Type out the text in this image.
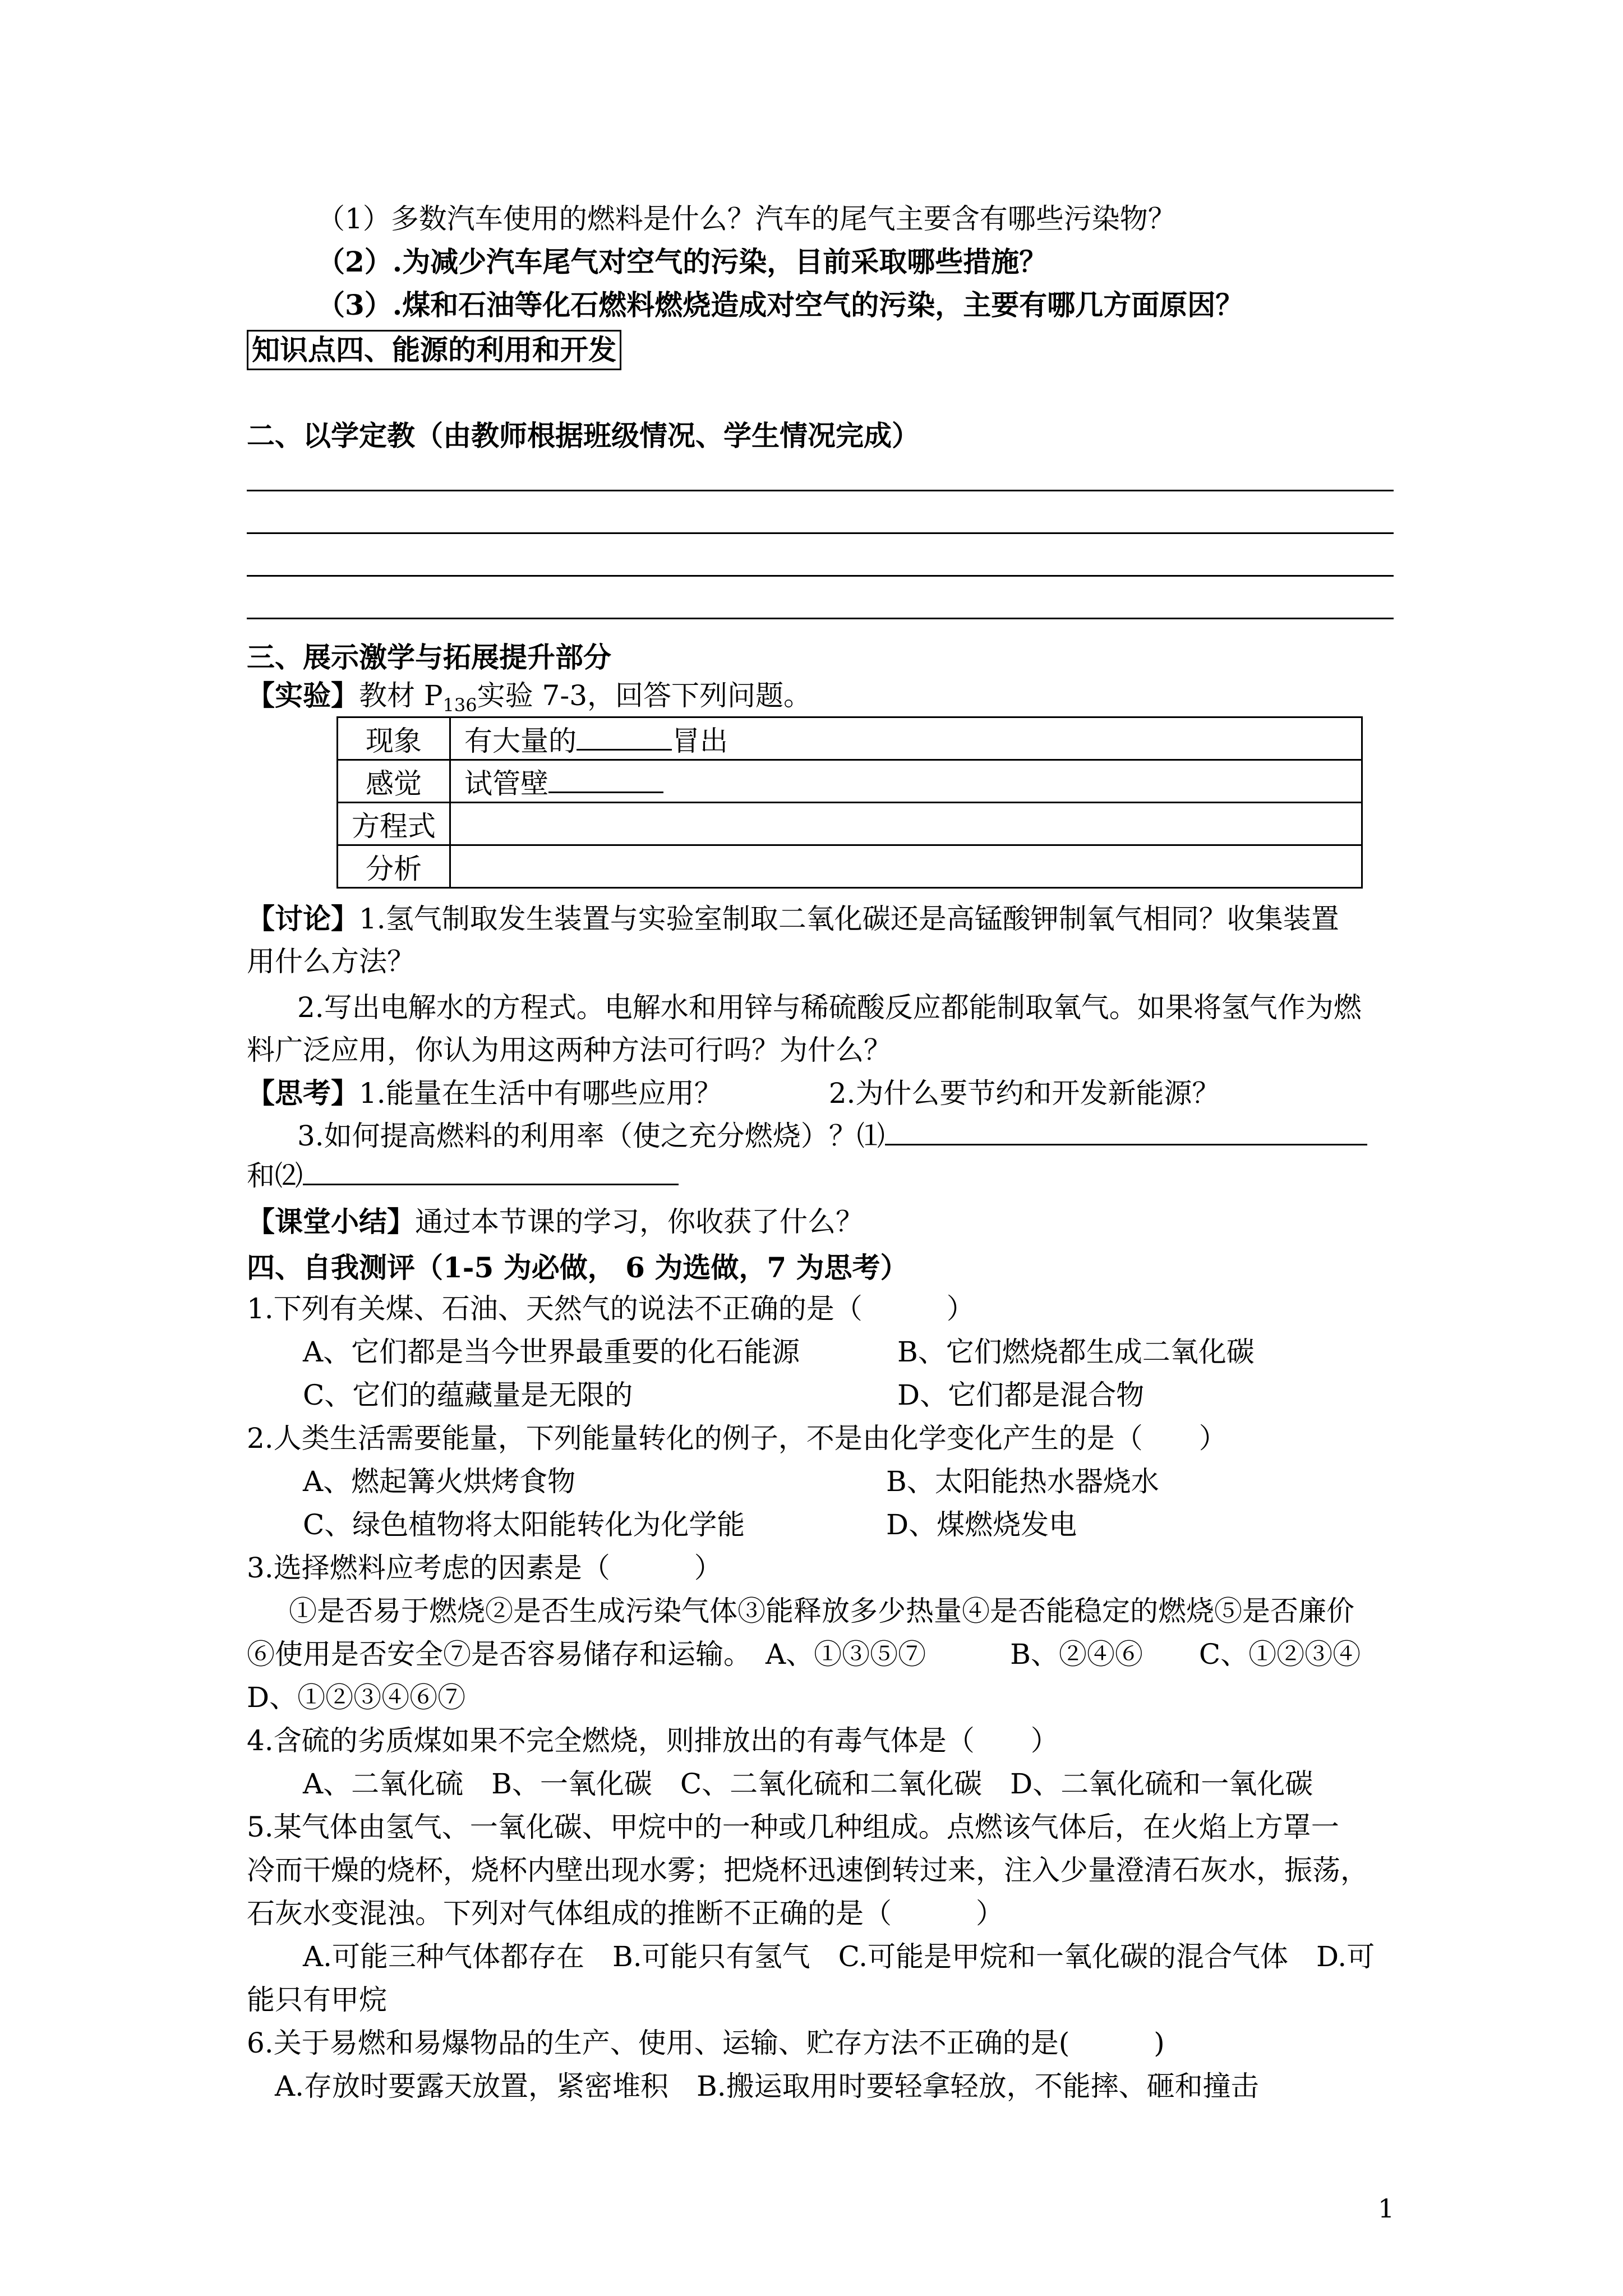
（1）多数汽车使用的燃料是什么？汽车的尾气主要含有哪些污染物？
（2）.为减少汽车尾气对空气的污染，目前采取哪些措施？
（3）.煤和石油等化石燃料燃烧造成对空气的污染，主要有哪几方面原因？
知识点四、能源的利用和开发
二、以学定教（由教师根据班级情况、学生情况完成）
三、展示激学与拓展提升部分
【实验】教材 $P_{136}$实验 7-3，回答下列问题。
现象	有大量的 冒出
感觉	试管壁
方程式	
分析	
【讨论】1.氢气制取发生装置与实验室制取二氧化碳还是高锰酸钾制氧气相同？收集装置
用什么方法？
2.写出电解水的方程式。电解水和用锌与稀硫酸反应都能制取氧气。如果将氢气作为燃
料广泛应用，你认为用这两种方法可行吗？为什么？
【思考】1.能量在生活中有哪些应用？	2.为什么要节约和开发新能源？
3.如何提高燃料的利用率（使之充分燃烧）？⑴
和⑵
【课堂小结】通过本节课的学习，你收获了什么？
四、自我测评（1-5 为必做， 6 为选做，7 为思考）
1.下列有关煤、石油、天然气的说法不正确的是（　　　）
A、它们都是当今世界最重要的化石能源	B、它们燃烧都生成二氧化碳
C、它们的蕴藏量是无限的	D、它们都是混合物
2.人类生活需要能量，下列能量转化的例子，不是由化学变化产生的是（　　）
A、燃起篝火烘烤食物	B、太阳能热水器烧水
C、绿色植物将太阳能转化为化学能	D、煤燃烧发电
3.选择燃料应考虑的因素是（　　　）
①是否易于燃烧②是否生成污染气体③能释放多少热量④是否能稳定的燃烧⑤是否廉价
⑥使用是否安全⑦是否容易储存和运输。　A、①③⑤⑦　　　B、②④⑥　　C、①②③④
D、①②③④⑥⑦
4.含硫的劣质煤如果不完全燃烧，则排放出的有毒气体是（　　）
A、二氧化硫　B、一氧化碳　C、二氧化硫和二氧化碳　D、二氧化硫和一氧化碳
5.某气体由氢气、一氧化碳、甲烷中的一种或几种组成。点燃该气体后，在火焰上方罩一
冷而干燥的烧杯，烧杯内壁出现水雾；把烧杯迅速倒转过来，注入少量澄清石灰水，振荡，
石灰水变混浊。下列对气体组成的推断不正确的是（　　　）
A.可能三种气体都存在　B.可能只有氢气　C.可能是甲烷和一氧化碳的混合气体　D.可
能只有甲烷
6.关于易燃和易爆物品的生产、使用、运输、贮存方法不正确的是(　　　)
A.存放时要露天放置，紧密堆积　B.搬运取用时要轻拿轻放，不能摔、砸和撞击
1
